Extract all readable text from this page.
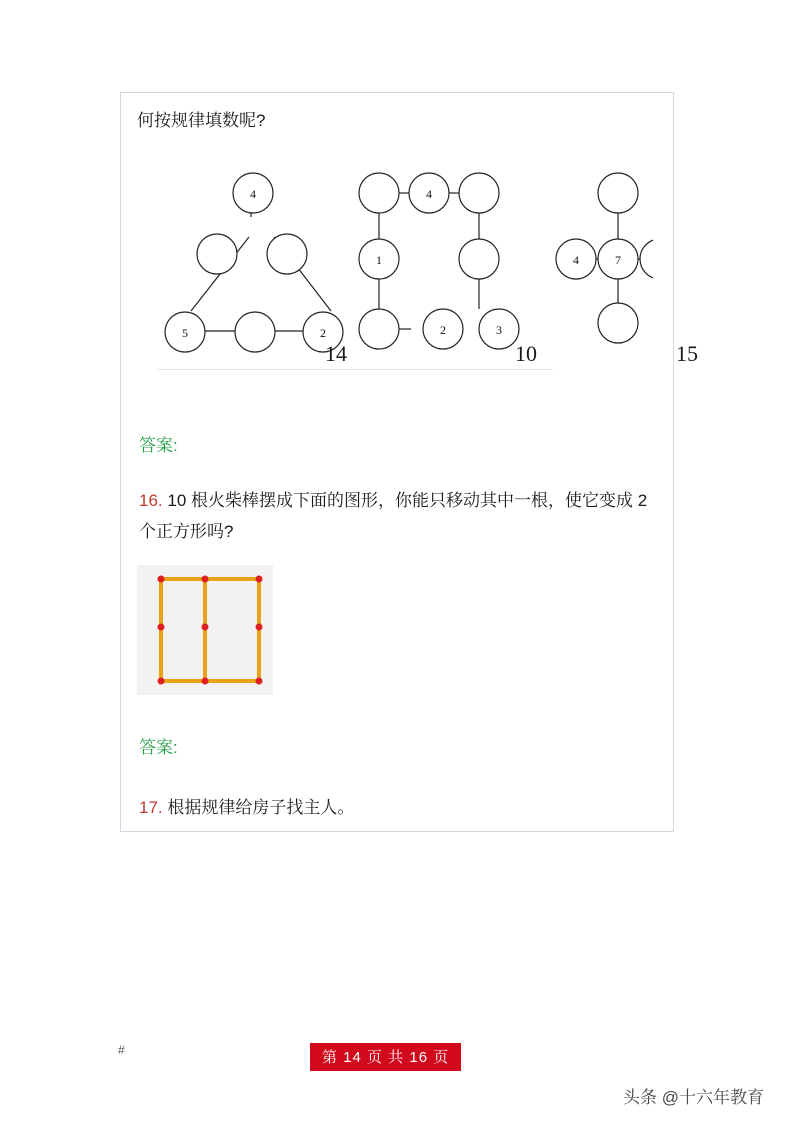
何按规律填数呢?
4
5	2
4
1
2	3
4	7
14	10	15
答案:
16. 10 根火柴棒摆成下面的图形，你能只移动其中一根，使它变成 2 个正方形吗?
答案:
17. 根据规律给房子找主人。
#	第 14 页 共 16 页
头条 @十六年教育
